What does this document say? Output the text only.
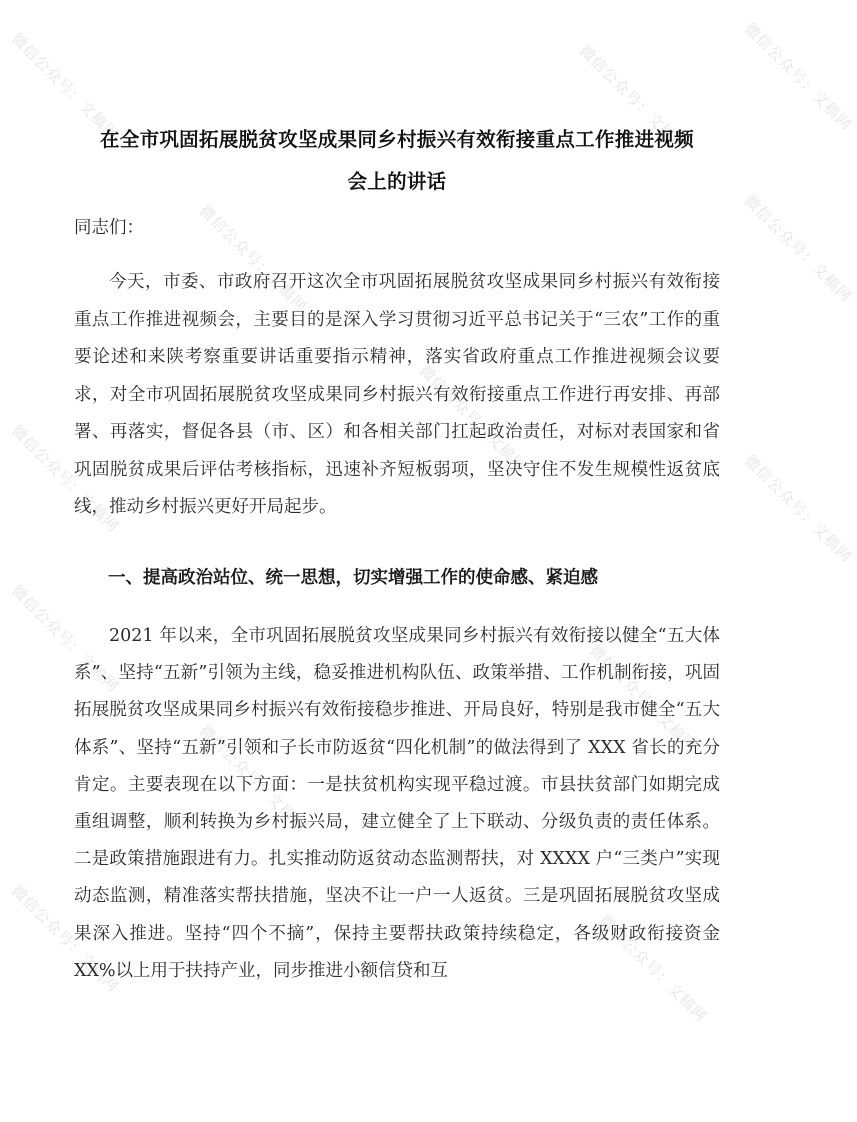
微信公众号：文稿网	微信公众号：文稿网	微信公众号：文稿网
微信公众号：文稿网	微信公众号：文稿网
微信公众号：文稿网
微信公众号：文稿网
微信公众号：文稿网
微信公众号：文稿网
微信公众号：文稿网
微信公众号：文稿网
微信公众号：文稿网	微信公众号：文稿网
在全市巩固拓展脱贫攻坚成果同乡村振兴有效衔接重点工作推进视频
会上的讲话
同志们：
今天，市委、市政府召开这次全市巩固拓展脱贫攻坚成果同乡村振兴有效衔接重点工作推进视频会，主要目的是深入学习贯彻习近平总书记关于“三农”工作的重要论述和来陕考察重要讲话重要指示精神，落实省政府重点工作推进视频会议要求，对全市巩固拓展脱贫攻坚成果同乡村振兴有效衔接重点工作进行再安排、再部署、再落实，督促各县（市、区）和各相关部门扛起政治责任，对标对表国家和省巩固脱贫成果后评估考核指标，迅速补齐短板弱项，坚决守住不发生规模性返贫底线，推动乡村振兴更好开局起步。
一、提高政治站位、统一思想，切实增强工作的使命感、紧迫感
2021 年以来，全市巩固拓展脱贫攻坚成果同乡村振兴有效衔接以健全“五大体系”、坚持“五新”引领为主线，稳妥推进机构队伍、政策举措、工作机制衔接，巩固拓展脱贫攻坚成果同乡村振兴有效衔接稳步推进、开局良好，特别是我市健全“五大体系”、坚持“五新”引领和子长市防返贫“四化机制”的做法得到了 XXX 省长的充分肯定。主要表现在以下方面：一是扶贫机构实现平稳过渡。市县扶贫部门如期完成重组调整，顺利转换为乡村振兴局，建立健全了上下联动、分级负责的责任体系。二是政策措施跟进有力。扎实推动防返贫动态监测帮扶，对 XXXX 户“三类户”实现动态监测，精准落实帮扶措施，坚决不让一户一人返贫。三是巩固拓展脱贫攻坚成果深入推进。坚持“四个不摘”，保持主要帮扶政策持续稳定，各级财政衔接资金 XX%以上用于扶持产业，同步推进小额信贷和互
